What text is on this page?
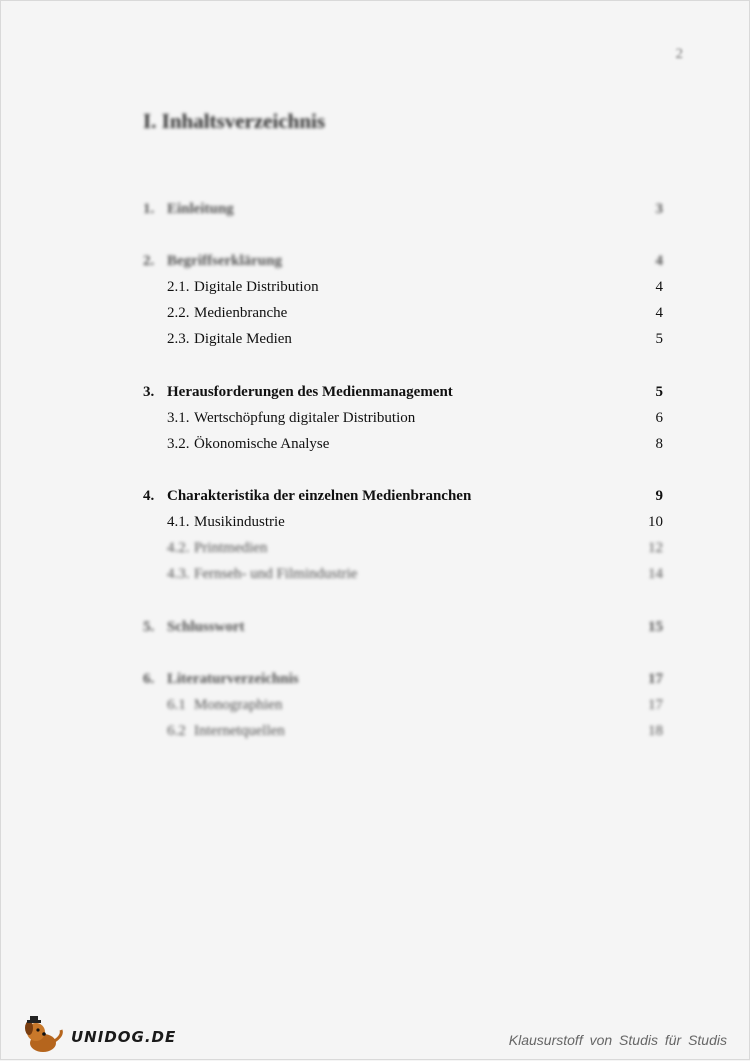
2
I. Inhaltsverzeichnis
1. Einleitung	3
2. Begriffserklärung	4
2.1. Digitale Distribution	4
2.2. Medienbranche	4
2.3. Digitale Medien	5
3. Herausforderungen des Medienmanagement	5
3.1. Wertschöpfung digitaler Distribution	6
3.2. Ökonomische Analyse	8
4. Charakteristika der einzelnen Medienbranchen	9
4.1. Musikindustrie	10
4.2. Printmedien	12
4.3. Fernseh- und Filmindustrie	14
5. Schlusswort	15
6. Literaturverzeichnis	17
6.1 Monographien	17
6.2 Internetquellen	18
UNIDOG.DE	Klausurstoff von Studis für Studis
